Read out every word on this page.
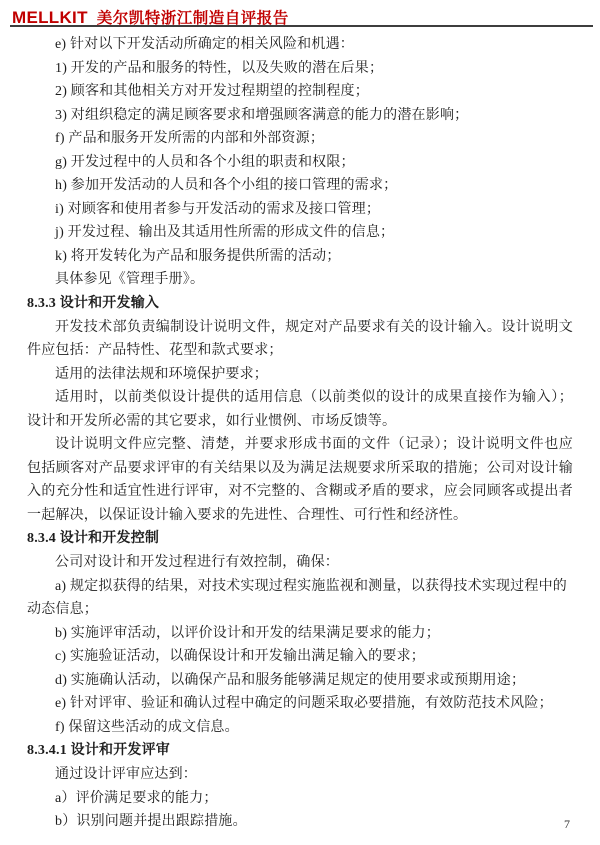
MELLKIT 美尔凯特浙江制造自评报告

e) 针对以下开发活动所确定的相关风险和机遇：

1) 开发的产品和服务的特性，以及失败的潜在后果；

2) 顾客和其他相关方对开发过程期望的控制程度；

3) 对组织稳定的满足顾客要求和增强顾客满意的能力的潜在影响；

f) 产品和服务开发所需的内部和外部资源；

g) 开发过程中的人员和各个小组的职责和权限；

h) 参加开发活动的人员和各个小组的接口管理的需求；

i) 对顾客和使用者参与开发活动的需求及接口管理；

j) 开发过程、输出及其适用性所需的形成文件的信息；

k) 将开发转化为产品和服务提供所需的活动；

具体参见《管理手册》。

8.3.3 设计和开发输入

开发技术部负责编制设计说明文件，规定对产品要求有关的设计输入。设计说明文件应包括：产品特性、花型和款式要求；

适用的法律法规和环境保护要求；

适用时，以前类似设计提供的适用信息（以前类似的设计的成果直接作为输入）；设计和开发所必需的其它要求，如行业惯例、市场反馈等。

设计说明文件应完整、清楚，并要求形成书面的文件（记录）；设计说明文件也应包括顾客对产品要求评审的有关结果以及为满足法规要求所采取的措施；公司对设计输入的充分性和适宜性进行评审，对不完整的、含糊或矛盾的要求，应会同顾客或提出者一起解决，以保证设计输入要求的先进性、合理性、可行性和经济性。

8.3.4 设计和开发控制

公司对设计和开发过程进行有效控制，确保：

a) 规定拟获得的结果，对技术实现过程实施监视和测量，以获得技术实现过程中的动态信息；

b) 实施评审活动，以评价设计和开发的结果满足要求的能力；

c) 实施验证活动，以确保设计和开发输出满足输入的要求；

d) 实施确认活动，以确保产品和服务能够满足规定的使用要求或预期用途；

e) 针对评审、验证和确认过程中确定的问题采取必要措施，有效防范技术风险；

f) 保留这些活动的成文信息。

8.3.4.1 设计和开发评审

通过设计评审应达到：

a）评价满足要求的能力；

b）识别问题并提出跟踪措施。	7
